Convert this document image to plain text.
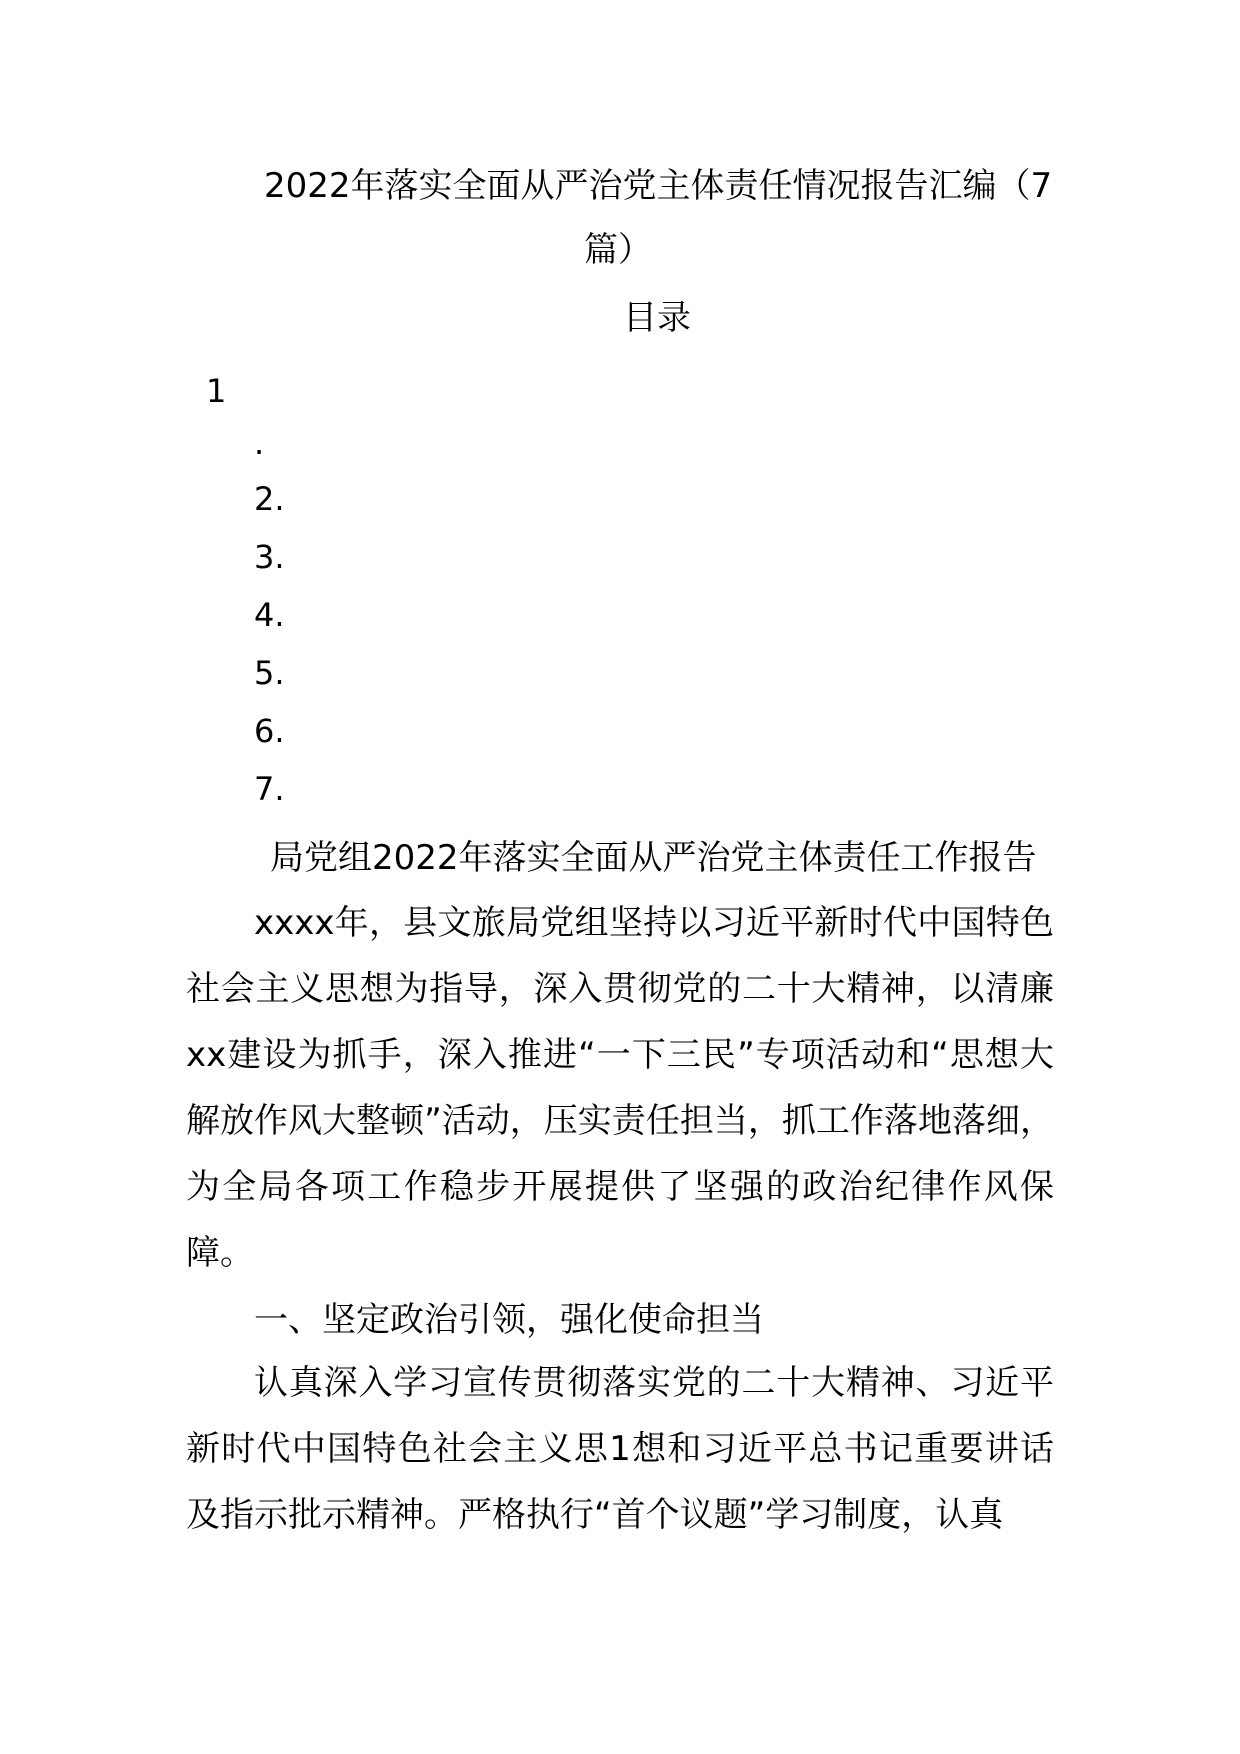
2022年落实全面从严治党主体责任情况报告汇编（7
篇）
目录
1
.
2.
3.
4.
5.
6.
7.
局党组2022年落实全面从严治党主体责任工作报告

xxxx年，县文旅局党组坚持以习近平新时代中国特色社会主义思想为指导，深入贯彻党的二十大精神，以清廉xx建设为抓手，深入推进“一下三民”专项活动和“思想大解放作风大整顿”活动，压实责任担当，抓工作落地落细，为全局各项工作稳步开展提供了坚强的政治纪律作风保障。

一、坚定政治引领，强化使命担当

认真深入学习宣传贯彻落实党的二十大精神、习近平新时代中国特色社会主义思1想和习近平总书记重要讲话及指示批示精神。严格执行“首个议题”学习制度，认真
